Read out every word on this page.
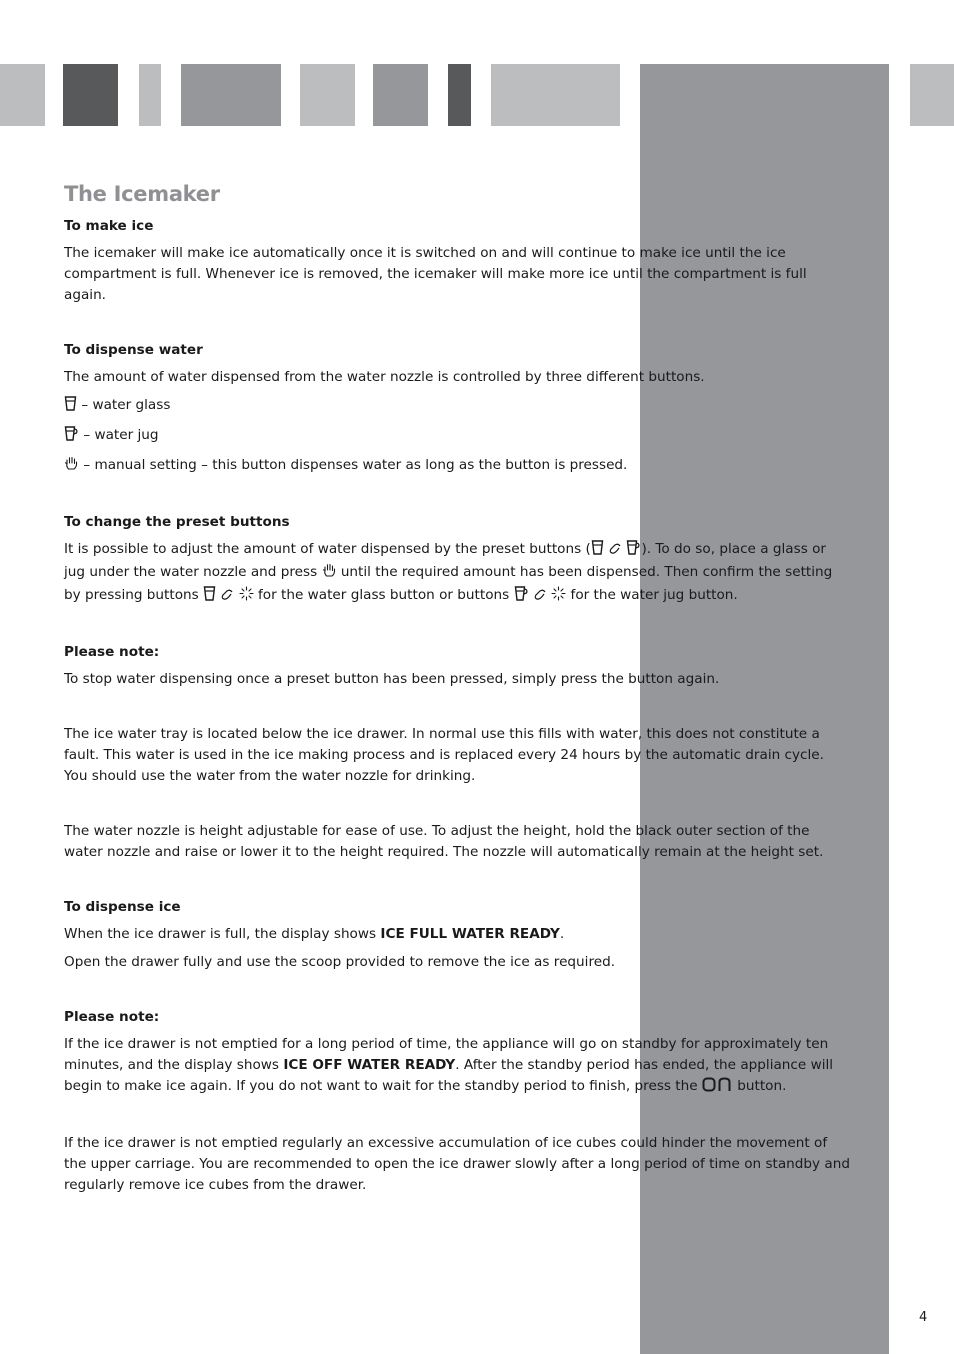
The Icemaker
To make ice

The icemaker will make ice automatically once it is switched on and will continue to make ice until the ice compartment is full. Whenever ice is removed, the icemaker will make more ice until the compartment is full again.

To dispense water

The amount of water dispensed from the water nozzle is controlled by three different buttons.

– water glass

– water jug

– manual setting – this button dispenses water as long as the button is pressed.

To change the preset buttons

It is possible to adjust the amount of water dispensed by the preset buttons (	). To do so, place a glass or jug under the water nozzle and press  until the required amount has been dispensed. Then confirm the setting by pressing buttons	for the water glass button or buttons	for the water jug button.

Please note:

To stop water dispensing once a preset button has been pressed, simply press the button again.

The ice water tray is located below the ice drawer. In normal use this fills with water, this does not constitute a fault. This water is used in the ice making process and is replaced every 24 hours by the automatic drain cycle. You should use the water from the water nozzle for drinking.

The water nozzle is height adjustable for ease of use. To adjust the height, hold the black outer section of the water nozzle and raise or lower it to the height required. The nozzle will automatically remain at the height set.

To dispense ice

When the ice drawer is full, the display shows ICE FULL WATER READY.

Open the drawer fully and use the scoop provided to remove the ice as required.

Please note:

If the ice drawer is not emptied for a long period of time, the appliance will go on standby for approximately ten minutes, and the display shows ICE OFF WATER READY. After the standby period has ended, the appliance will begin to make ice again. If you do not want to wait for the standby period to finish, press the
On
button.

If the ice drawer is not emptied regularly an excessive accumulation of ice cubes could hinder the movement of the upper carriage. You are recommended to open the ice drawer slowly after a long period of time on standby and regularly remove ice cubes from the drawer.

4
